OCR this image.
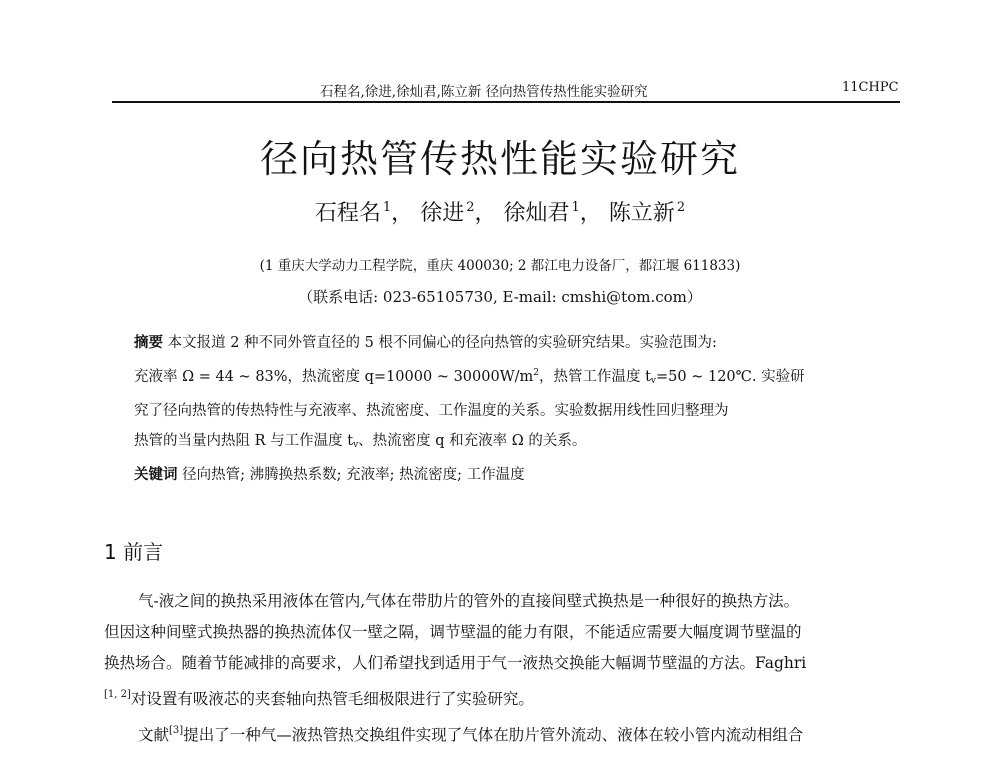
石程名,徐进,徐灿君,陈立新 径向热管传热性能实验研究	11CHPC
径向热管传热性能实验研究
石程名 $^1$， 徐进 $^2$， 徐灿君 $^1$， 陈立新 $^2$
(1 重庆大学动力工程学院，重庆 400030; 2 都江电力设备厂，都江堰 611833)
（联系电话: 023-65105730, E-mail: cmshi@tom.com）

摘要 本文报道 2 种不同外管直径的 5 根不同偏心的径向热管的实验研究结果。实验范围为:

充液率 Ω = 44 ~ 83%，热流密度 q=10000 ~ $30000W/m^2$，热管工作温度 $t_v=50$ ~ 120℃. 实验研

究了径向热管的传热特性与充液率、热流密度、工作温度的关系。实验数据用线性回归整理为

热管的当量内热阻 R 与工作温度 $t_v$、热流密度 q 和充液率 Ω 的关系。

关键词 径向热管; 沸腾换热系数; 充液率; 热流密度; 工作温度

1 前言

气-液之间的换热采用液体在管内,气体在带肋片的管外的直接间壁式换热是一种很好的换热方法。

但因这种间壁式换热器的换热流体仅一壁之隔，调节壁温的能力有限，不能适应需要大幅度调节壁温的

换热场合。随着节能减排的高要求，人们希望找到适用于气一液热交换能大幅调节壁温的方法。Faghri

[1, 2]对设置有吸液芯的夹套轴向热管毛细极限进行了实验研究。

文献[3]提出了一种气—液热管热交换组件实现了气体在肋片管外流动、液体在较小管内流动相组合
